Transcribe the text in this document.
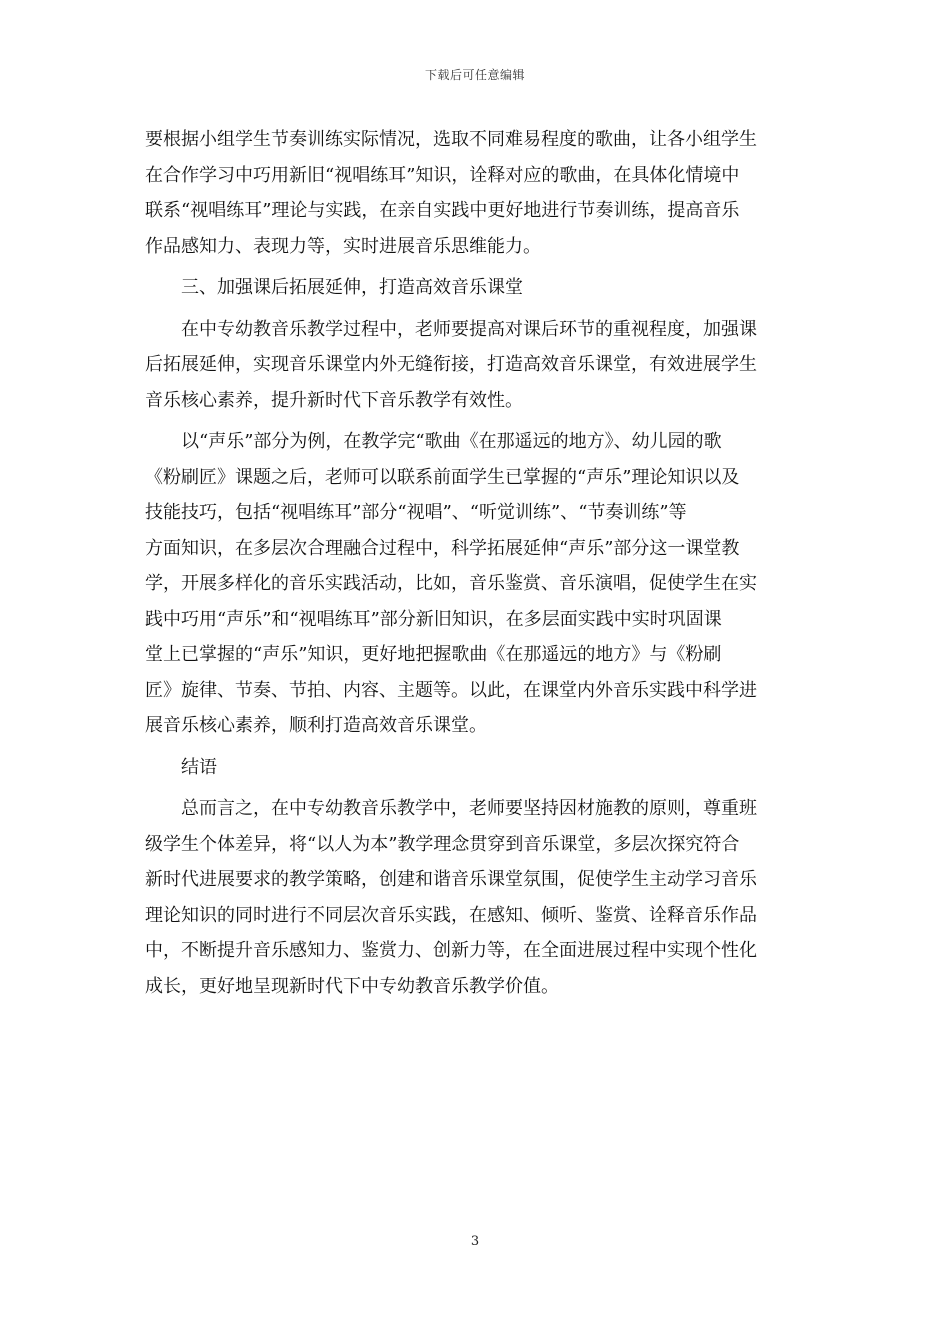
下载后可任意编辑

要根据小组学生节奏训练实际情况，选取不同难易程度的歌曲，让各小组学生

在合作学习中巧用新旧“视唱练耳”知识，诠释对应的歌曲，在具体化情境中

联系“视唱练耳”理论与实践，在亲自实践中更好地进行节奏训练，提高音乐

作品感知力、表现力等，实时进展音乐思维能力。

三、加强课后拓展延伸，打造高效音乐课堂

在中专幼教音乐教学过程中，老师要提高对课后环节的重视程度，加强课

后拓展延伸，实现音乐课堂内外无缝衔接，打造高效音乐课堂，有效进展学生

音乐核心素养，提升新时代下音乐教学有效性。

以“声乐”部分为例，在教学完“歌曲《在那遥远的地方》、幼儿园的歌

《粉刷匠》课题之后，老师可以联系前面学生已掌握的“声乐”理论知识以及

技能技巧，包括“视唱练耳”部分“视唱”、“听觉训练”、“节奏训练”等

方面知识，在多层次合理融合过程中，科学拓展延伸“声乐”部分这一课堂教

学，开展多样化的音乐实践活动，比如，音乐鉴赏、音乐演唱，促使学生在实

践中巧用“声乐”和“视唱练耳”部分新旧知识，在多层面实践中实时巩固课

堂上已掌握的“声乐”知识，更好地把握歌曲《在那遥远的地方》与《粉刷

匠》旋律、节奏、节拍、内容、主题等。以此，在课堂内外音乐实践中科学进

展音乐核心素养，顺利打造高效音乐课堂。

结语

总而言之，在中专幼教音乐教学中，老师要坚持因材施教的原则，尊重班

级学生个体差异，将“以人为本”教学理念贯穿到音乐课堂，多层次探究符合

新时代进展要求的教学策略，创建和谐音乐课堂氛围，促使学生主动学习音乐

理论知识的同时进行不同层次音乐实践，在感知、倾听、鉴赏、诠释音乐作品

中，不断提升音乐感知力、鉴赏力、创新力等，在全面进展过程中实现个性化

成长，更好地呈现新时代下中专幼教音乐教学价值。

3
